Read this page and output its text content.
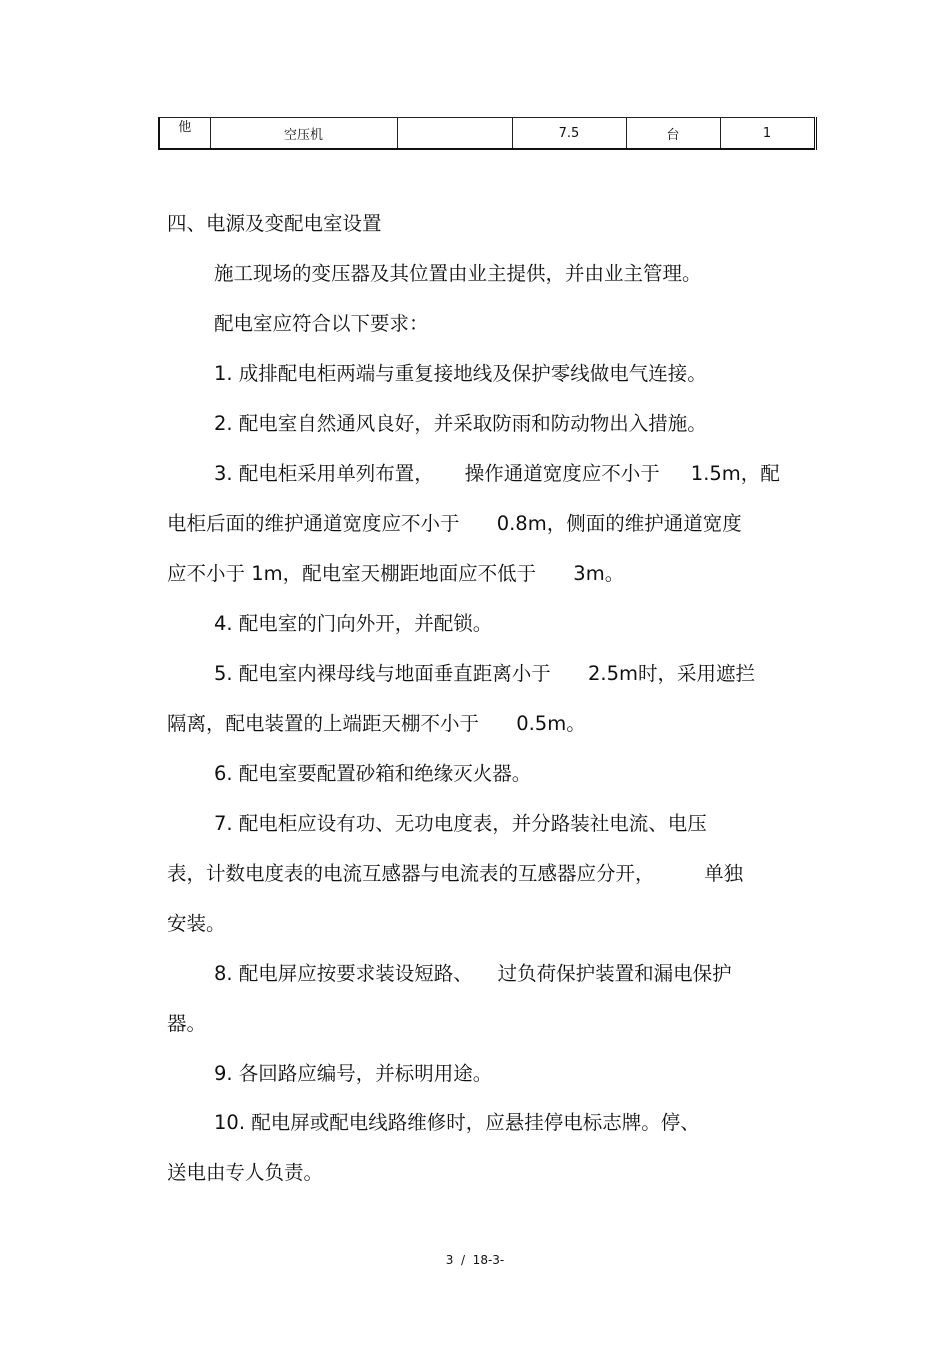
他	空压机		7.5	台	1
四、电源及变配电室设置
施工现场的变压器及其位置由业主提供，并由业主管理。
配电室应符合以下要求：
1. 成排配电柜两端与重复接地线及保护零线做电气连接。
2. 配电室自然通风良好，并采取防雨和防动物出入措施。
3. 配电柜采用单列布置，     操作通道宽度应不小于     1.5m，配
电柜后面的维护通道宽度应不小于      0.8m，侧面的维护通道宽度
应不小于 1m，配电室天棚距地面应不低于      3m。
4. 配电室的门向外开，并配锁。
5. 配电室内裸母线与地面垂直距离小于      2.5m时，采用遮拦
隔离，配电装置的上端距天棚不小于      0.5m。
6. 配电室要配置砂箱和绝缘灭火器。
7. 配电柜应设有功、无功电度表，并分路装社电流、电压
表，计数电度表的电流互感器与电流表的互感器应分开，        单独
安装。
8. 配电屏应按要求装设短路、    过负荷保护装置和漏电保护
器。
9. 各回路应编号，并标明用途。
10. 配电屏或配电线路维修时，应悬挂停电标志牌。停、
送电由专人负责。
3  /  18-3-
